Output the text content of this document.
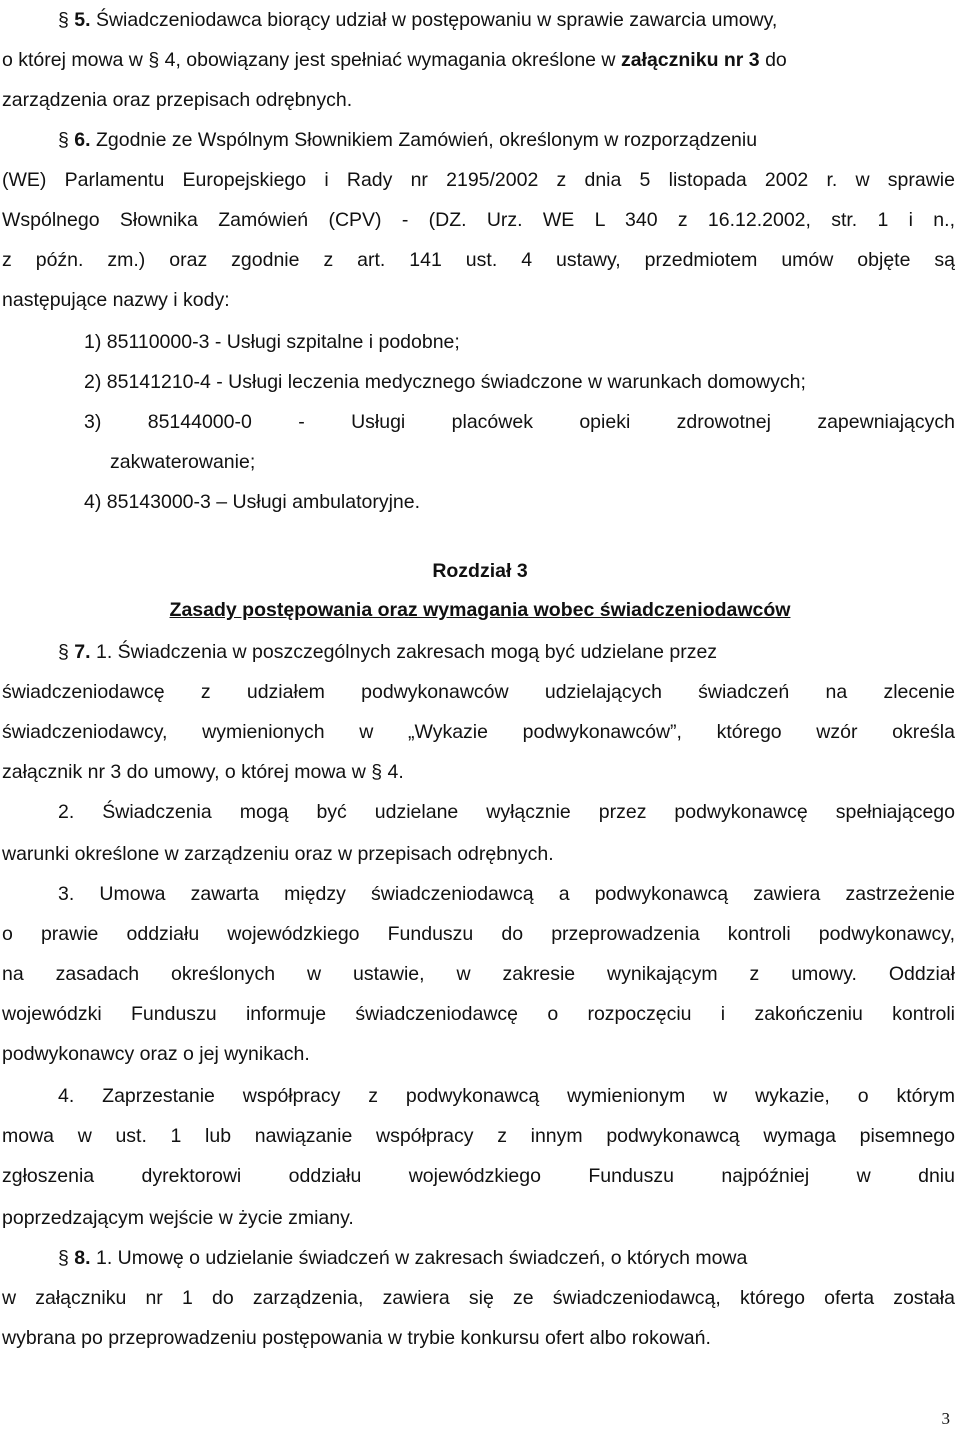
§ 5. Świadczeniodawca biorący udział w postępowaniu w sprawie zawarcia umowy,
o której mowa w § 4, obowiązany jest spełniać wymagania określone w załączniku nr 3 do
zarządzenia oraz przepisach odrębnych.
§ 6. Zgodnie ze Wspólnym Słownikiem Zamówień, określonym w rozporządzeniu
(WE) Parlamentu Europejskiego i Rady nr 2195/2002 z dnia 5 listopada 2002 r. w sprawie
Wspólnego Słownika Zamówień (CPV) - (DZ. Urz. WE L 340 z 16.12.2002, str. 1 i n.,
z późn. zm.) oraz zgodnie z art. 141 ust. 4 ustawy, przedmiotem umów objęte są
następujące nazwy i kody:
1) 85110000-3 - Usługi szpitalne i podobne;
2) 85141210-4 - Usługi leczenia medycznego świadczone w warunkach domowych;
3) 85144000-0 - Usługi placówek opieki zdrowotnej zapewniających
zakwaterowanie;
4) 85143000-3 – Usługi ambulatoryjne.
Rozdział 3
Zasady postępowania oraz wymagania wobec świadczeniodawców
§ 7. 1. Świadczenia w poszczególnych zakresach mogą być udzielane przez
świadczeniodawcę z udziałem podwykonawców udzielających świadczeń na zlecenie
świadczeniodawcy, wymienionych w „Wykazie podwykonawców”, którego wzór określa
załącznik nr 3 do umowy, o której mowa w § 4.
2. Świadczenia mogą być udzielane wyłącznie przez podwykonawcę spełniającego
warunki określone w zarządzeniu oraz w przepisach odrębnych.
3. Umowa zawarta między świadczeniodawcą a podwykonawcą zawiera zastrzeżenie
o prawie oddziału wojewódzkiego Funduszu do przeprowadzenia kontroli podwykonawcy,
na zasadach określonych w ustawie, w zakresie wynikającym z umowy. Oddział
wojewódzki Funduszu informuje świadczeniodawcę o rozpoczęciu i zakończeniu kontroli
podwykonawcy oraz o jej wynikach.
4. Zaprzestanie współpracy z podwykonawcą wymienionym w wykazie, o którym
mowa w ust. 1 lub nawiązanie współpracy z innym podwykonawcą wymaga pisemnego
zgłoszenia dyrektorowi oddziału wojewódzkiego Funduszu najpóźniej w dniu
poprzedzającym wejście w życie zmiany.
§ 8. 1. Umowę o udzielanie świadczeń w zakresach świadczeń, o których mowa
w załączniku nr 1 do zarządzenia, zawiera się ze świadczeniodawcą, którego oferta została
wybrana po przeprowadzeniu postępowania w trybie konkursu ofert albo rokowań.
3
